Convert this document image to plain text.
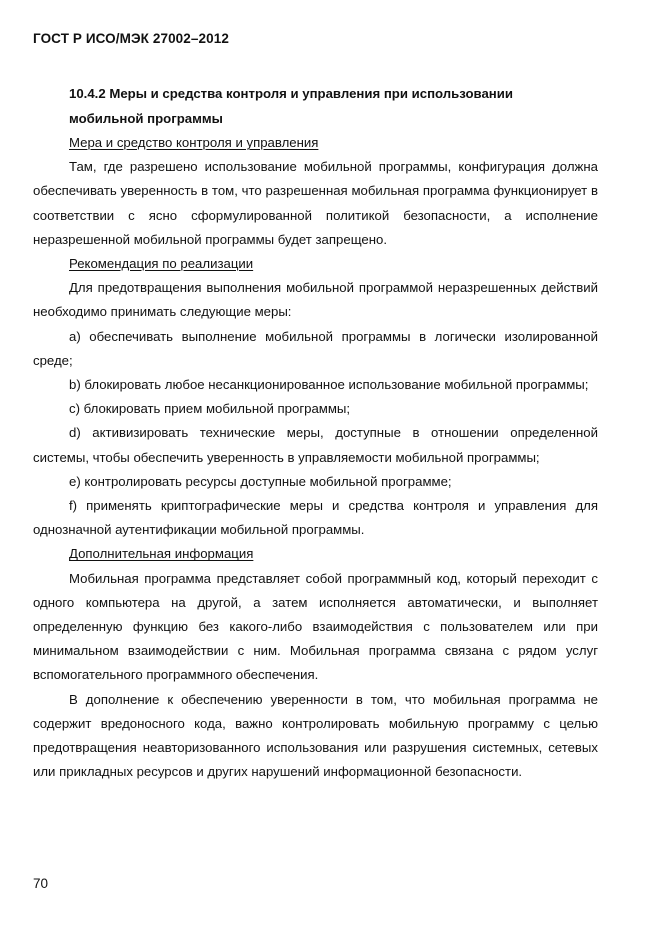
ГОСТ Р ИСО/МЭК 27002–2012

10.4.2 Меры и средства контроля и управления при использовании
мобильной программы

Мера и средство контроля и управления

Там, где разрешено использование мобильной программы, конфигурация должна обеспечивать уверенность в том, что разрешенная мобильная программа функционирует в соответствии с ясно сформулированной политикой безопасности, а исполнение неразрешенной мобильной программы будет запрещено.

Рекомендация по реализации

Для предотвращения выполнения мобильной программой неразрешенных действий необходимо принимать следующие меры:

a) обеспечивать выполнение мобильной программы в логически изолированной среде;

b) блокировать любое несанкционированное использование мобильной программы;

c) блокировать прием мобильной программы;

d) активизировать технические меры, доступные в отношении определенной системы, чтобы обеспечить уверенность в управляемости мобильной программы;

e) контролировать ресурсы доступные мобильной программе;

f) применять криптографические меры и средства контроля и управления для однозначной аутентификации мобильной программы.

Дополнительная информация

Мобильная программа представляет собой программный код, который переходит с одного компьютера на другой, а затем исполняется автоматически, и выполняет определенную функцию без какого-либо взаимодействия с пользователем или при минимальном взаимодействии с ним. Мобильная программа связана с рядом услуг вспомогательного программного обеспечения.

В дополнение к обеспечению уверенности в том, что мобильная программа не содержит вредоносного кода, важно контролировать мобильную программу с целью предотвращения неавторизованного использования или разрушения системных, сетевых или прикладных ресурсов и других нарушений информационной безопасности.

70
